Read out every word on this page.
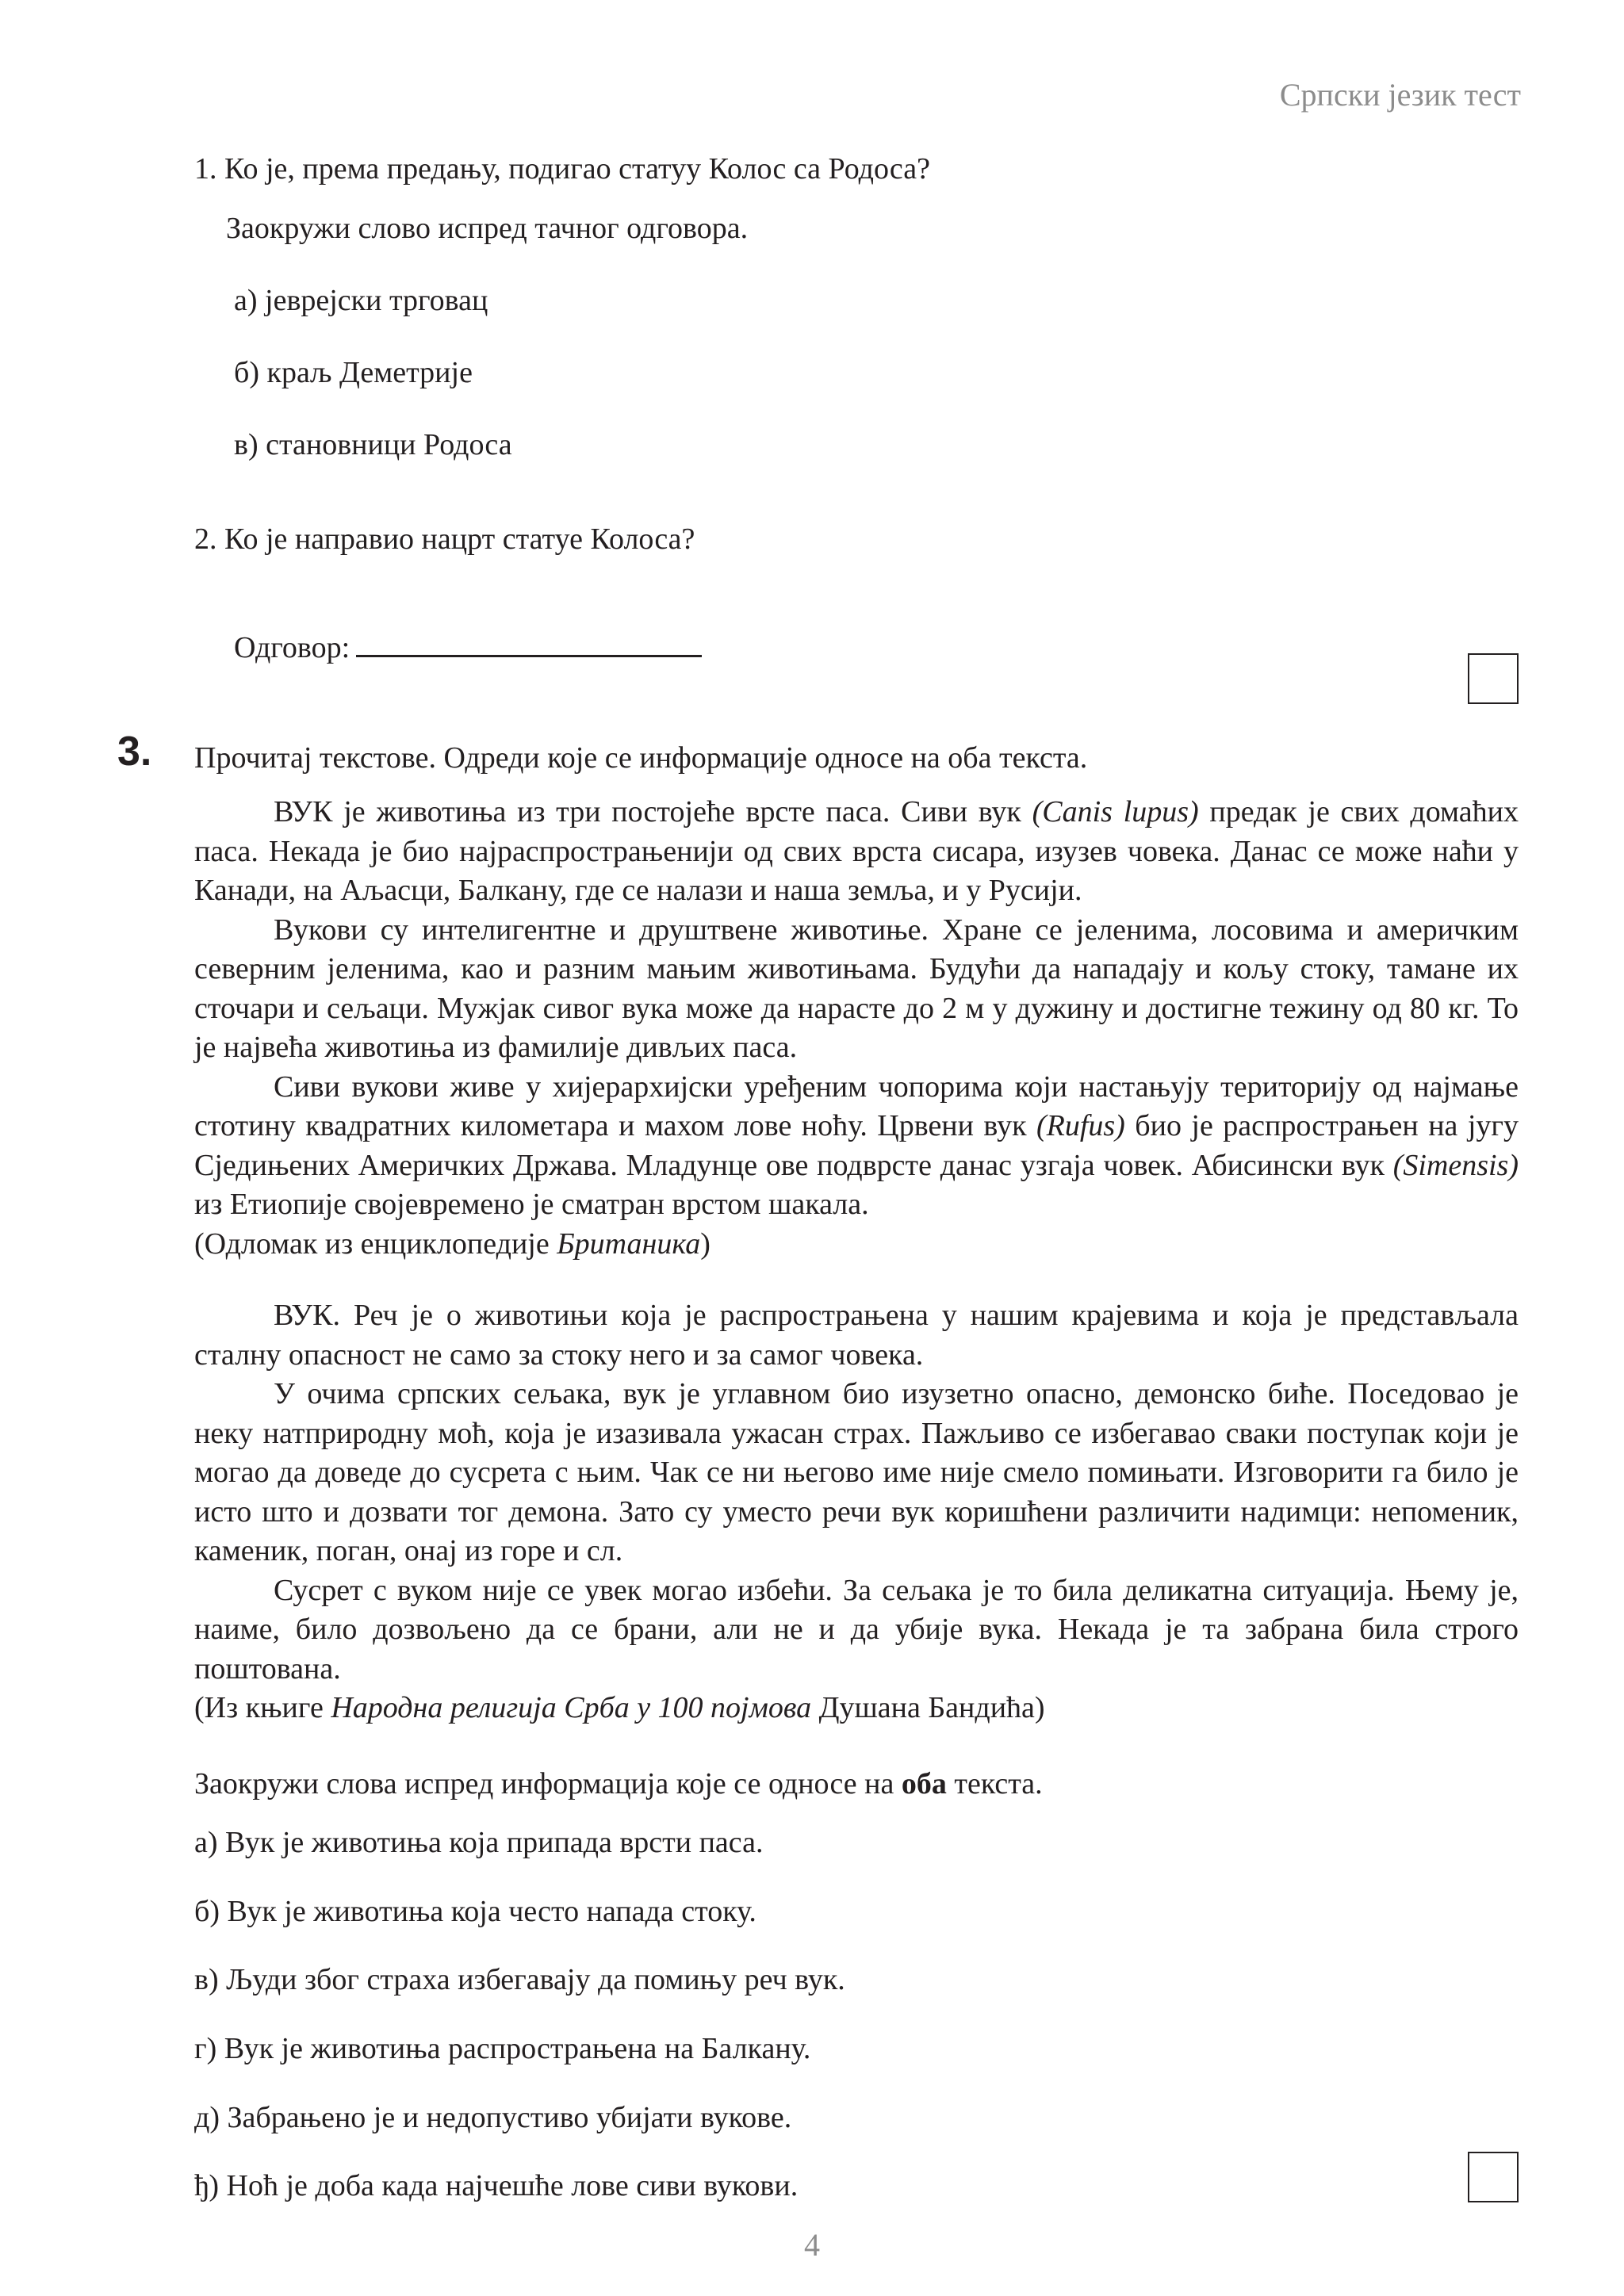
Српски језик тест
1. Ко је, према предању, подигао статуу Колос са Родоса?
Заокружи слово испред тачног одговора.
а) јеврејски трговац
б) краљ Деметрије
в) становници Родоса
2. Ко је направио нацрт статуе Колоса?
Одговор:
3. Прочитај текстове. Одреди које се информације односе на оба текста.

ВУК је животиња из три постојеће врсте паса. Сиви вук (Canis lupus) предак је свих домаћих паса. Некада је био најраспрострањенији од свих врста сисара, изузев човека. Данас се може наћи у Канади, на Аљасци, Балкану, где се налази и наша земља, и у Русији.

Вукови су интелигентне и друштвене животиње. Хране се јеленима, лосовима и америчким северним јеленима, као и разним мањим животињама. Будући да нападају и кољу стоку, тамане их сточари и сељаци. Мужјак сивог вука може да нарасте до 2 м у дужину и достигне тежину од 80 кг. То је највећа животиња из фамилије дивљих паса.

Сиви вукови живе у хијерархијски уређеним чопорима који настањују територију од најмање стотину квадратних километара и махом лове ноћу. Црвени вук (Rufus) био је распрострањен на југу Сједињених Америчких Држава. Младунце ове подврсте данас узгаја човек. Абисински вук (Simensis) из Етиопије својевремено је сматран врстом шакала.

(Одломак из енциклопедије Британика)

ВУК. Реч је о животињи која је распрострањена у нашим крајевима и која је представљала сталну опасност не само за стоку него и за самог човека.

У очима српских сељака, вук је углавном био изузетно опасно, демонско биће. Поседовао је неку натприродну моћ, која је изазивала ужасан страх. Пажљиво се избегавао сваки поступак који је могао да доведе до сусрета с њим. Чак се ни његово име није смело помињати. Изговорити га било је исто што и дозвати тог демона. Зато су уместо речи вук коришћени различити надимци: непоменик, камeник, поган, онај из горе и сл.

Сусрет с вуком није се увек могао избећи. За сељака је то била деликатна ситуација. Њему је, наиме, било дозвољено да се брани, али не и да убије вука. Некада је та забрана била строго поштована.

(Из књиге Народна религија Срба у 100 појмова Душана Бандића)
Заокружи слова испред информација које се односе на оба текста.
а) Вук је животиња која припада врсти паса.
б) Вук је животиња која често напада стоку.
в) Људи због страха избегавају да помињу реч вук.
г) Вук је животиња распрострањена на Балкану.
д) Забрањено је и недопустиво убијати вукове.
ђ) Ноћ је доба када најчешће лове сиви вукови.
4
